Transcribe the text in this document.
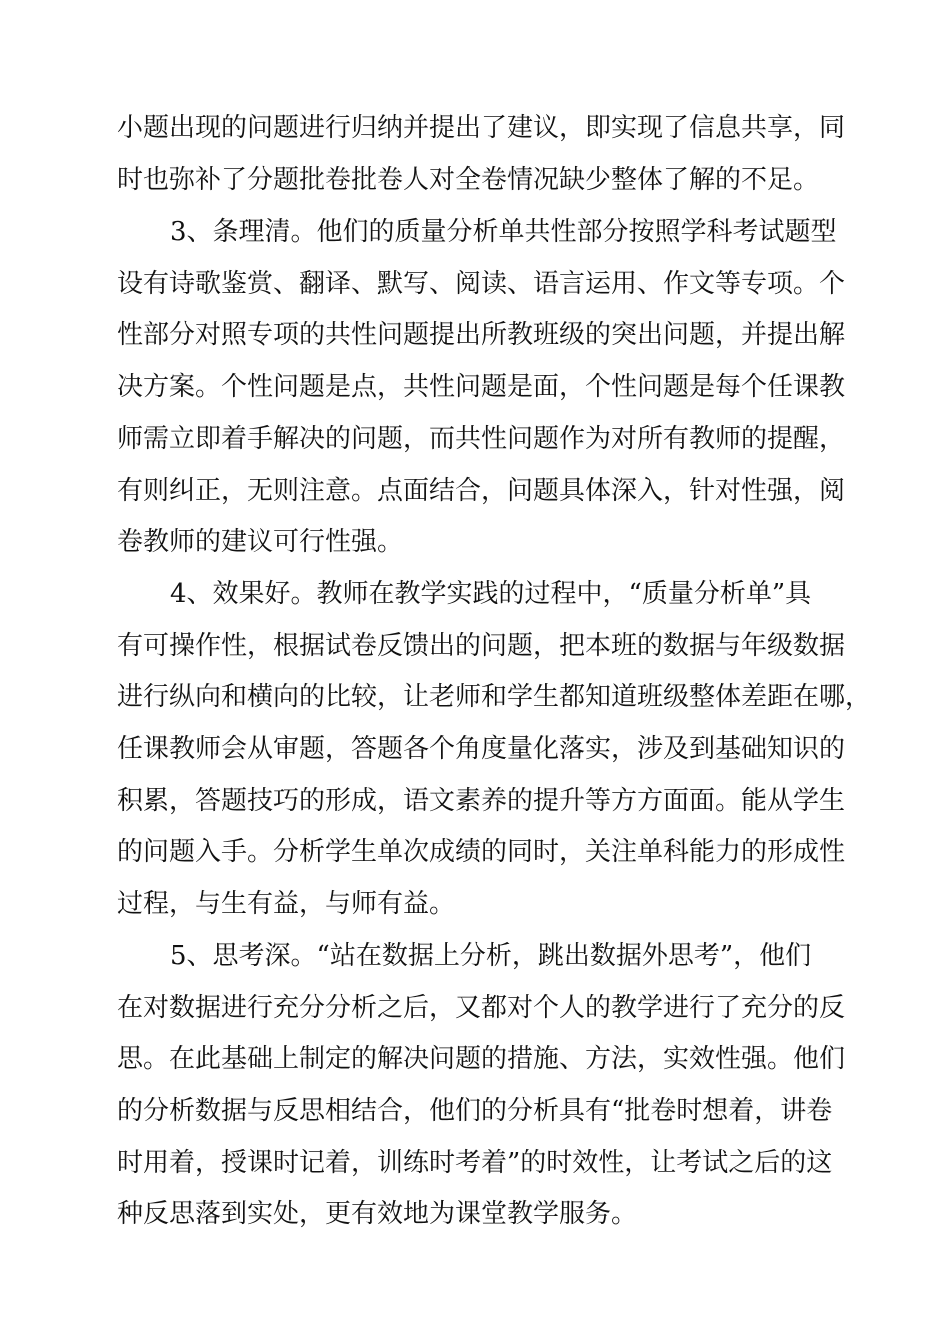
小题出现的问题进行归纳并提出了建议，即实现了信息共享，同
时也弥补了分题批卷批卷人对全卷情况缺少整体了解的不足。
3、条理清。他们的质量分析单共性部分按照学科考试题型
设有诗歌鉴赏、翻译、默写、阅读、语言运用、作文等专项。个
性部分对照专项的共性问题提出所教班级的突出问题，并提出解
决方案。个性问题是点，共性问题是面，个性问题是每个任课教
师需立即着手解决的问题，而共性问题作为对所有教师的提醒，
有则纠正，无则注意。点面结合，问题具体深入，针对性强，阅
卷教师的建议可行性强。
4、效果好。教师在教学实践的过程中，“质量分析单”具
有可操作性，根据试卷反馈出的问题，把本班的数据与年级数据
进行纵向和横向的比较，让老师和学生都知道班级整体差距在哪，
任课教师会从审题，答题各个角度量化落实，涉及到基础知识的
积累，答题技巧的形成，语文素养的提升等方方面面。能从学生
的问题入手。分析学生单次成绩的同时，关注单科能力的形成性
过程，与生有益，与师有益。
5、思考深。“站在数据上分析，跳出数据外思考”，他们
在对数据进行充分分析之后，又都对个人的教学进行了充分的反
思。在此基础上制定的解决问题的措施、方法，实效性强。他们
的分析数据与反思相结合，他们的分析具有“批卷时想着，讲卷
时用着，授课时记着，训练时考着”的时效性，让考试之后的这
种反思落到实处，更有效地为课堂教学服务。
